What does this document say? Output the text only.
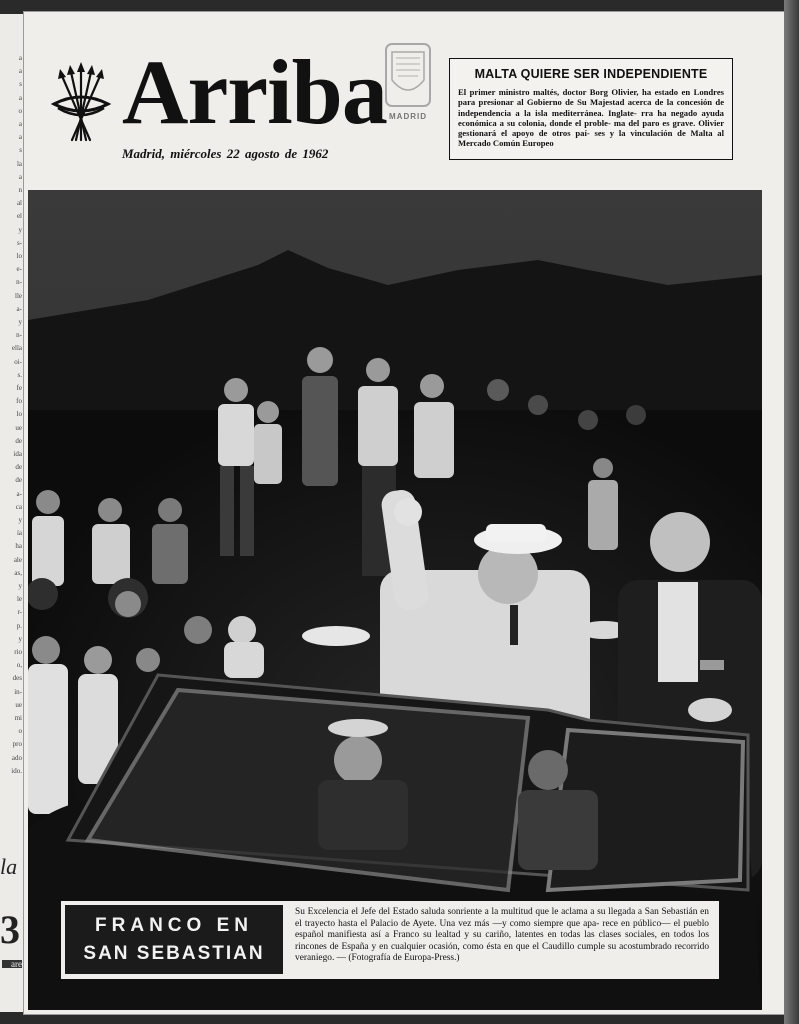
a
a
s
a
o
a
a
s
la
a
n
al
el
y
s-
lo
e-
n-
lle
a-
y
n-
ella
oi-
s.
fe
fo
lo
ue
de
ida
de
de
a-
ca
y
ía
ha
ale
as,
y
le
r-
p.
y
rio
o,
des
in-
ue
mi
o
pro
ado
ido.
la
3
are
Arriba
Madrid, miércoles 22 agosto de 1962
MADRID
MALTA QUIERE SER INDEPENDIENTE

El primer ministro maltés, doctor Borg Olivier, ha estado en Londres para presionar al Gobierno de Su Majestad acerca de la concesión de independencia a la isla mediterránea. Inglate- rra ha negado ayuda económica a su colonia, donde el proble- ma del paro es grave. Olivier gestionará el apoyo de otros paí- ses y la vinculación de Malta al Mercado Común Europeo

FRANCO EN
SAN SEBASTIAN
Su Excelencia el Jefe del Estado saluda sonriente a la multitud que le aclama a su llegada a San Sebastián en el trayecto hasta el Palacio de Ayete. Una vez más —y como siempre que apa- rece en público— el pueblo español manifiesta así a Franco su lealtad y su cariño, latentes en todas las clases sociales, en todos los rincones de España y en cualquier ocasión, como ésta en que el Caudillo cumple su acostumbrado recorrido veraniego. — (Fotografía de Europa-Press.)
